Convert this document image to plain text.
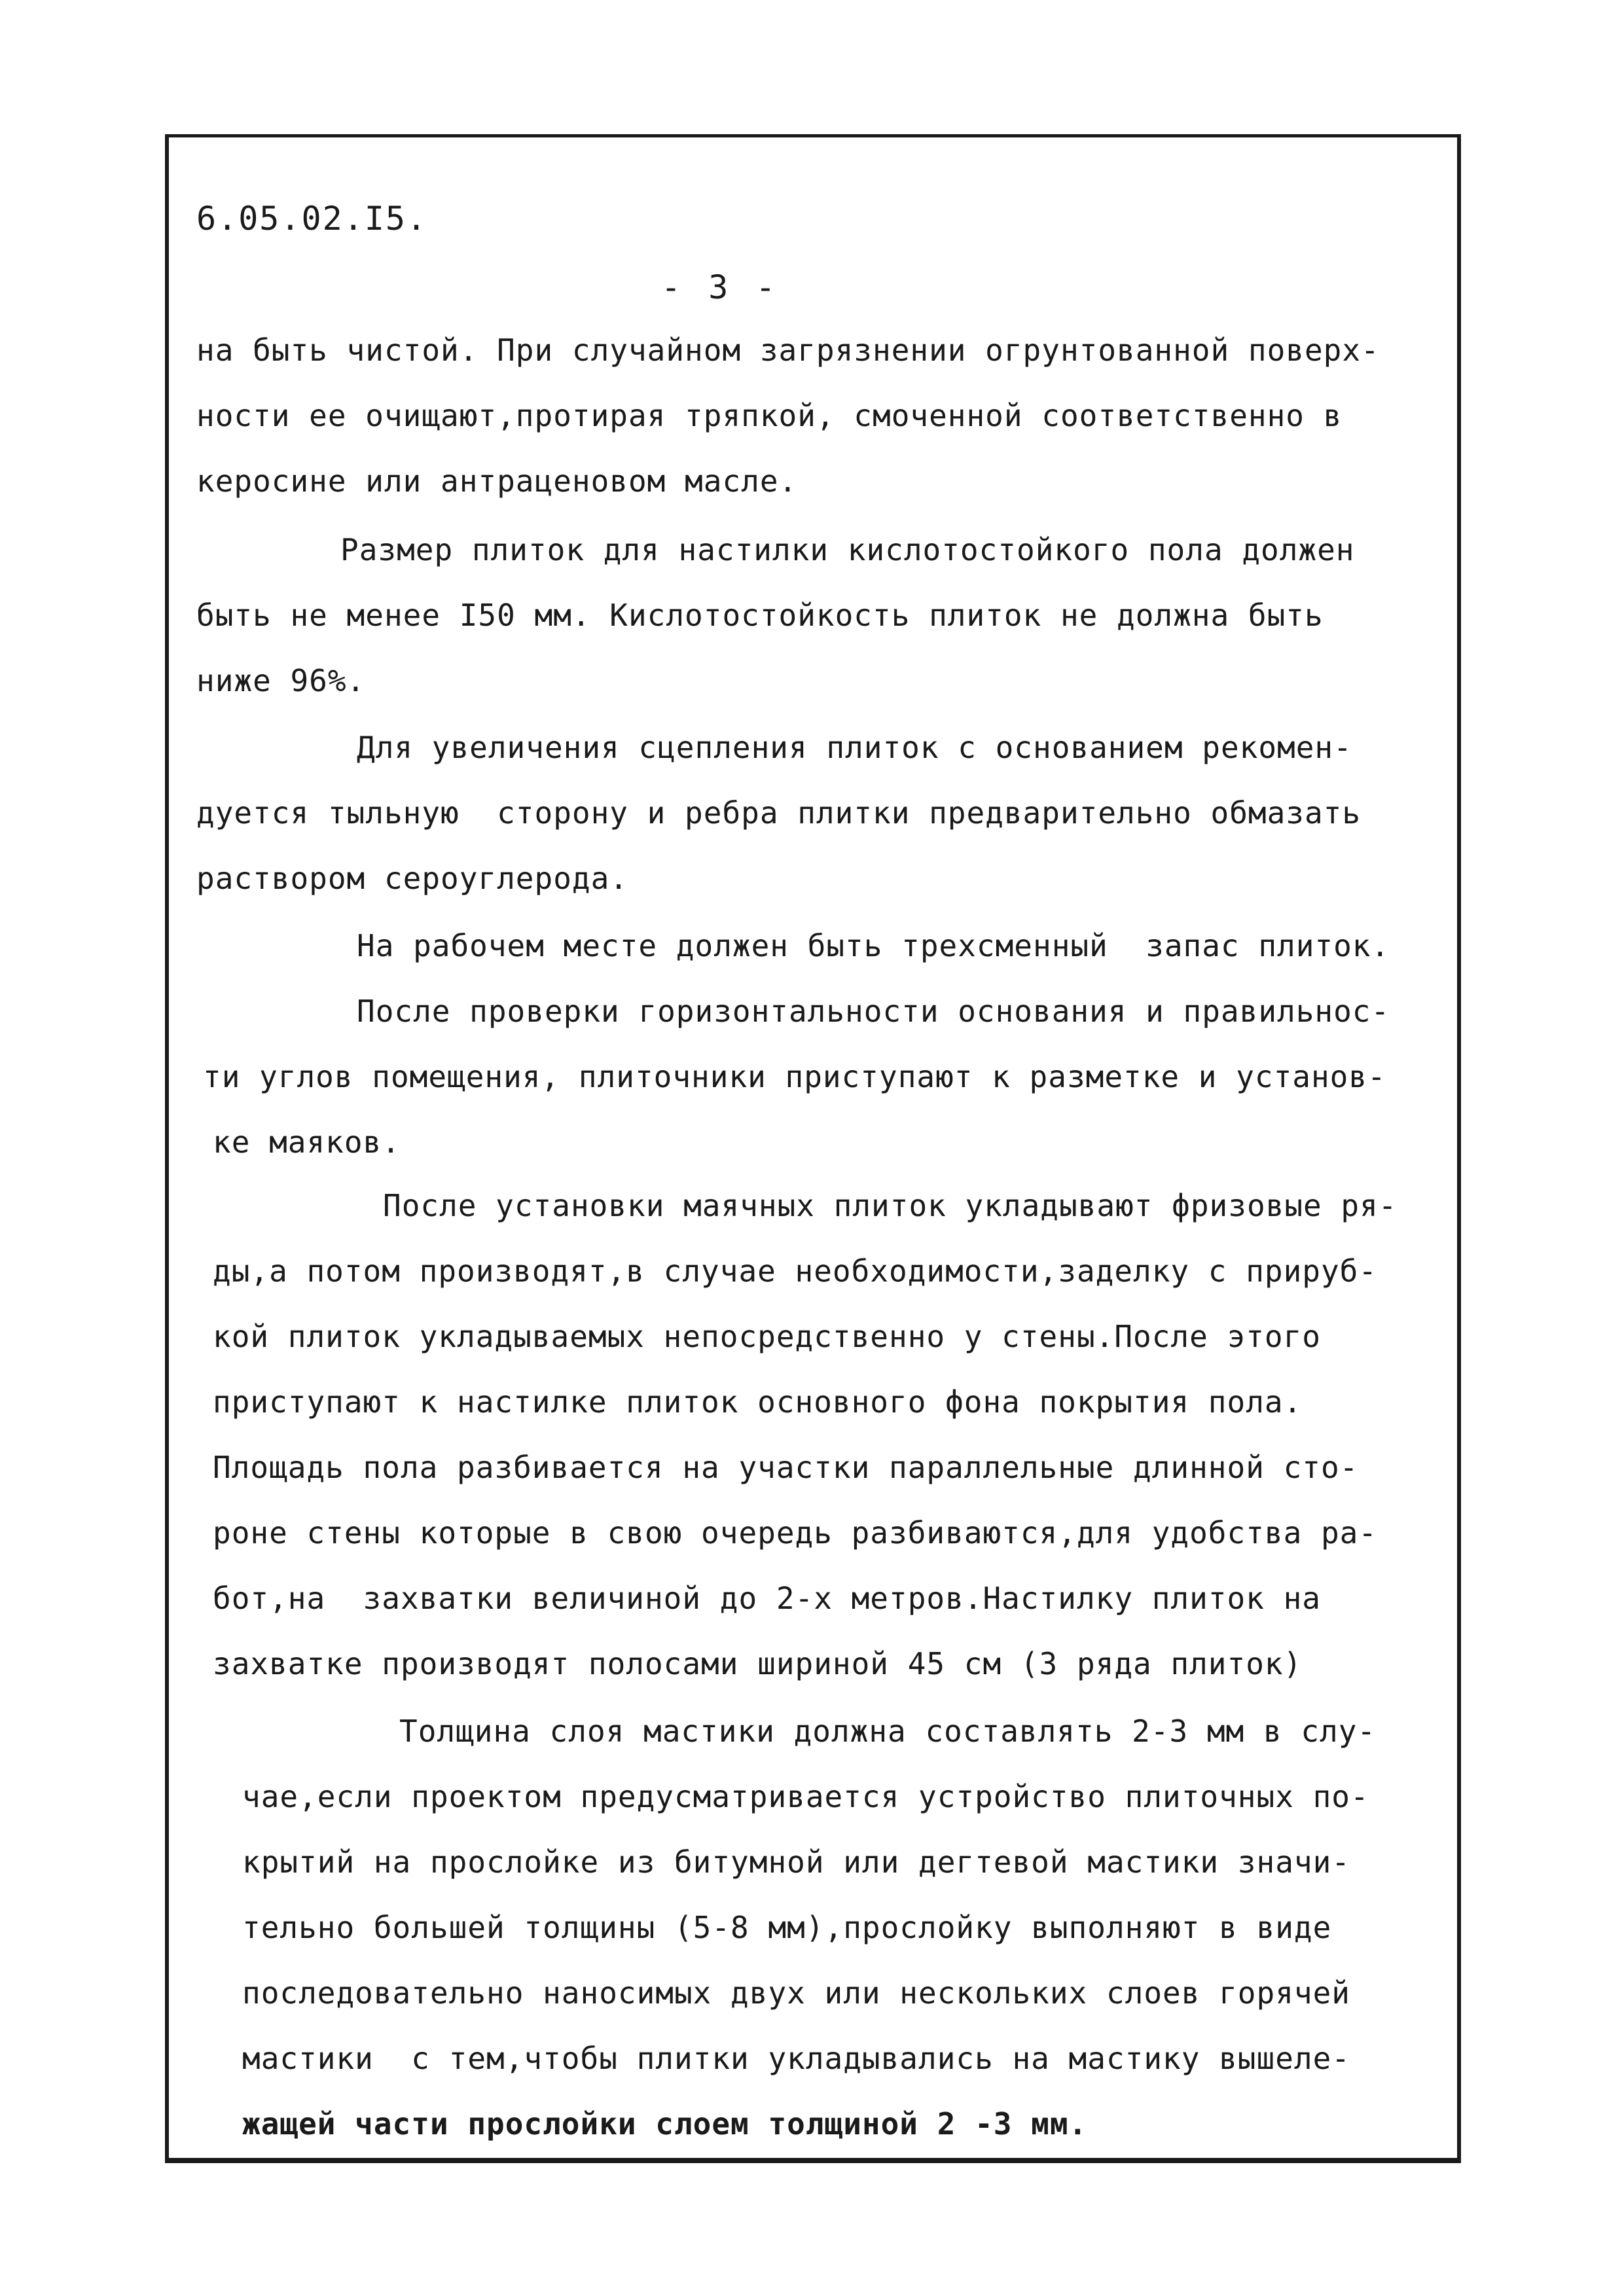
6.05.02.I5.
- 3 -
на быть чистой. При случайном загрязнении огрунтованной поверх-
ности ее очищают,протирая тряпкой, смоченной соответственно в
керосине или антраценовом масле.
Размер плиток для настилки кислотостойкого пола должен
быть не менее I50 мм. Кислотостойкость плиток не должна быть
ниже 96%.
Для увеличения сцепления плиток с основанием рекомен-
дуется тыльную  сторону и ребра плитки предварительно обмазать
раствором сероуглерода.
На рабочем месте должен быть трехсменный  запас плиток.
После проверки горизонтальности основания и правильнос-
ти углов помещения, плиточники приступают к разметке и установ-
ке маяков.
После установки маячных плиток укладывают фризовые ря-
ды,а потом производят,в случае необходимости,заделку с прируб-
кой плиток укладываемых непосредственно у стены.После этого
приступают к настилке плиток основного фона покрытия пола.
Площадь пола разбивается на участки параллельные длинной сто-
роне стены которые в свою очередь разбиваются,для удобства ра-
бот,на  захватки величиной до 2-х метров.Настилку плиток на
захватке производят полосами шириной 45 см (3 ряда плиток)
Толщина слоя мастики должна составлять 2-3 мм в слу-
чае,если проектом предусматривается устройство плиточных по-
крытий на прослойке из битумной или дегтевой мастики значи-
тельно большей толщины (5-8 мм),прослойку выполняют в виде
последовательно наносимых двух или нескольких слоев горячей
мастики  с тем,чтобы плитки укладывались на мастику вышеле-
жащей части прослойки слоем толщиной 2 -3 мм.
